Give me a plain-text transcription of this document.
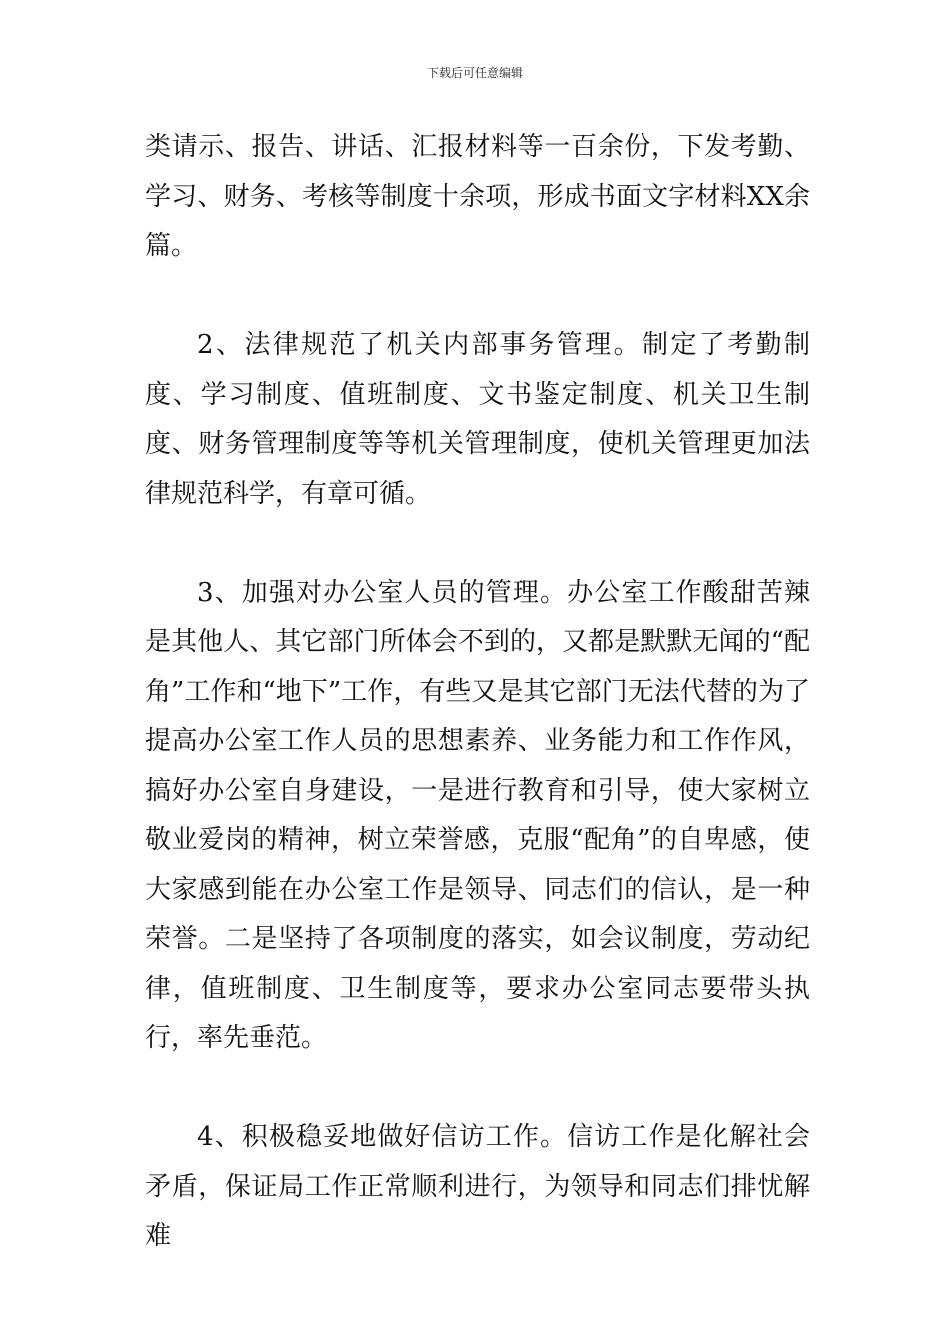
下载后可任意编辑

类请示、报告、讲话、汇报材料等一百余份，下发考勤、学习、财务、考核等制度十余项，形成书面文字材料XX余篇。

2、法律规范了机关内部事务管理。制定了考勤制度、学习制度、值班制度、文书鉴定制度、机关卫生制度、财务管理制度等等机关管理制度，使机关管理更加法律规范科学，有章可循。

3、加强对办公室人员的管理。办公室工作酸甜苦辣是其他人、其它部门所体会不到的，又都是默默无闻的“配角”工作和“地下”工作，有些又是其它部门无法代替的为了提高办公室工作人员的思想素养、业务能力和工作作风，搞好办公室自身建设，一是进行教育和引导，使大家树立敬业爱岗的精神，树立荣誉感，克服“配角”的自卑感，使大家感到能在办公室工作是领导、同志们的信认，是一种荣誉。二是坚持了各项制度的落实，如会议制度，劳动纪律，值班制度、卫生制度等，要求办公室同志要带头执行，率先垂范。

4、积极稳妥地做好信访工作。信访工作是化解社会矛盾，保证局工作正常顺利进行，为领导和同志们排忧解难
